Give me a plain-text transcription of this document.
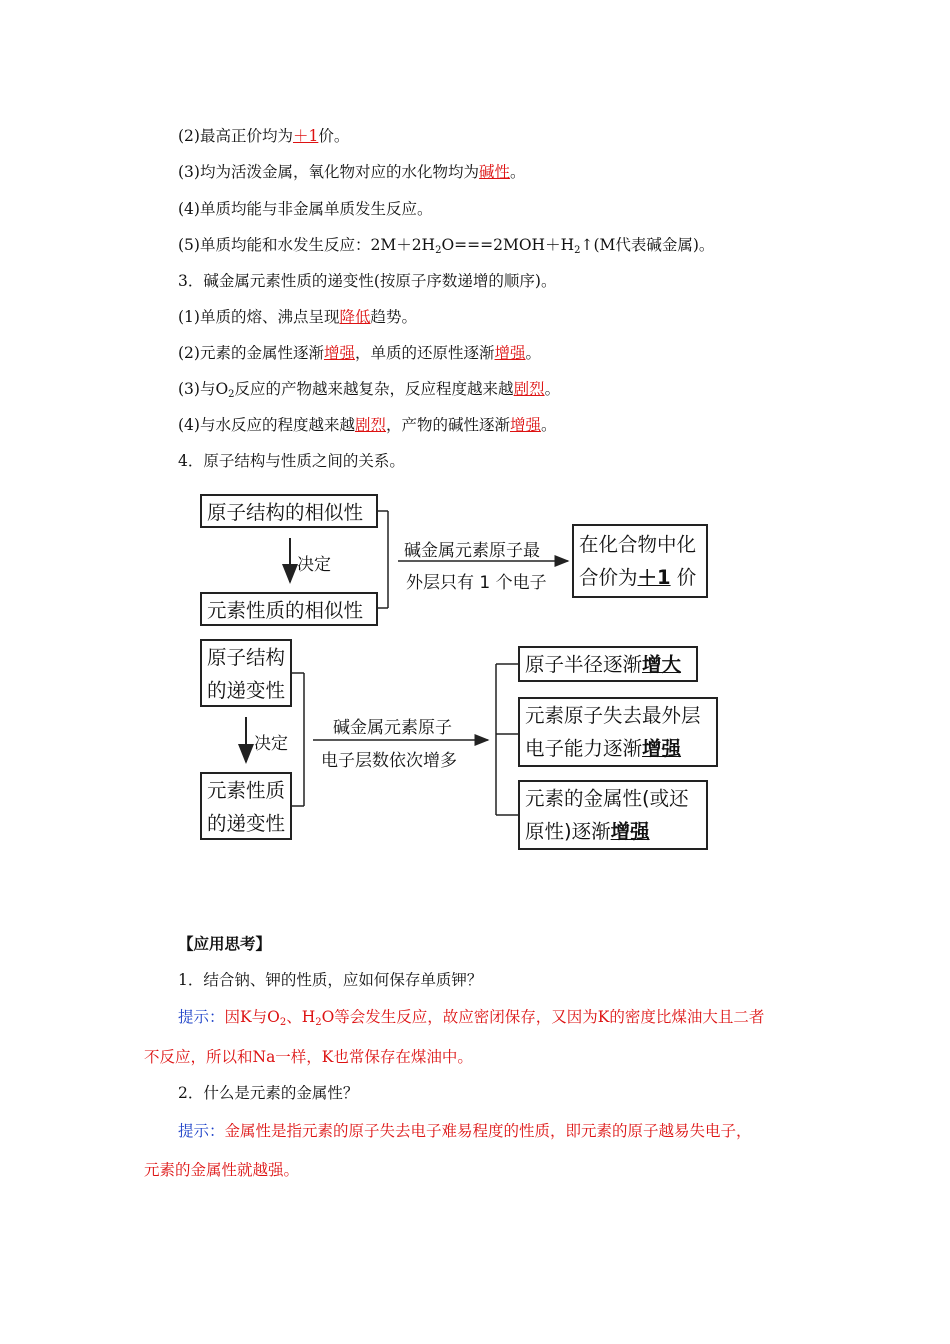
(2)最高正价均为＋1价。
(3)均为活泼金属，氧化物对应的水化物均为碱性。
(4)单质均能与非金属单质发生反应。
(5)单质均能和水发生反应：$2M+2H_2O===2MOH+H_2↑(M$代表碱金属)。
3．碱金属元素性质的递变性(按原子序数递增的顺序)。
(1)单质的熔、沸点呈现降低趋势。
(2)元素的金属性逐渐增强，单质的还原性逐渐增强。
(3)与$O_2$反应的产物越来越复杂，反应程度越来越剧烈。
(4)与水反应的程度越来越剧烈，产物的碱性逐渐增强。
4．原子结构与性质之间的关系。
原子结构的相似性
决定
元素性质的相似性
碱金属元素原子最
外层只有 1 个电子
在化合物中化
合价为＋1 价
原子结构
的递变性
决定
元素性质
的递变性
碱金属元素原子
电子层数依次增多
原子半径逐渐增大
元素原子失去最外层
电子能力逐渐增强
元素的金属性(或还
原性)逐渐增强
【应用思考】
1．结合钠、钾的性质，应如何保存单质钾？
提示：因K与$O_2$、$H_2O$等会发生反应，故应密闭保存，又因为K的密度比煤油大且二者
不反应，所以和Na一样，K也常保存在煤油中。
2．什么是元素的金属性？
提示：金属性是指元素的原子失去电子难易程度的性质，即元素的原子越易失电子，
元素的金属性就越强。
